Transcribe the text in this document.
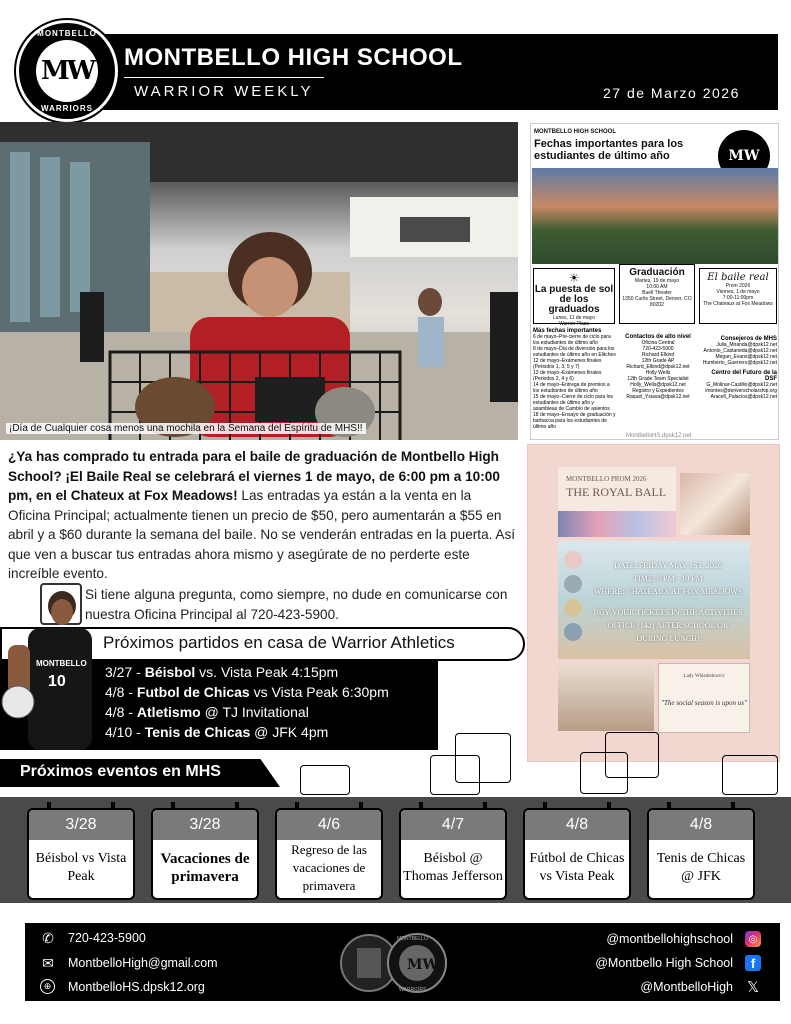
MONTBELLO
MW
WARRIORS
MONTBELLO HIGH SCHOOL
WARRIOR WEEKLY	27 de Marzo 2026
¡Día de Cualquier cosa menos una mochila en la Semana del Espíritu de MHS!!
MONTBELLO HIGH SCHOOL
Fechas importantes para los estudiantes de último año	MW
☀
La puesta de sol de los graduados
Lunes, 11 de mayo
Warrior Plaza
Graduación
Martes, 19 de mayo
10:00 AM
Buell Theater
1350 Curtis Street, Denver, CO 80202
El baile real
Prom 2026
Viernes, 1 de mayo
7:00-11:00pm
The Chateaux at Fox Meadows
Más fechas importantes
6 de mayo–Pre-cierre de ciclo para los estudiantes de último año
8 de mayo–Día de diversión para los estudiantes de último año en Elitches
12 de mayo–Exámenes finales (Periodos 1, 3, 5 y 7)
13 de mayo–Exámenes finales (Periodos 2, 4 y 6)
14 de mayo–Entrega de premios a los estudiantes de último año
15 de mayo–Cierre de ciclo para los estudiantes de último año y asambleas de Cambio de asientos
18 de mayo–Ensayo de graduación y barbacoa para los estudiantes de último año
Contactos de alto nivel
Oficina Central
720-423-5900
Richard Elkind
12th Grade AP
Richard_Elkind@dpsk12.net
Holly Wells
12th Grade Team Specialist
Holly_Wells@dpsk12.net
Registro y Expedientes
Raquel_Ysiava@dpsk12.net
Consejeros de MHS
Julia_Miranda@dpsk12.net
Antonio_Castaneda@dpsk12.net
Megan_Evans@dpsk12.net
Humberto_Guerrero@dpsk12.net
Centro del Futuro de la DSF
G_Molinar-Castillo@dpsk12.net
imontes@denverscholarship.org
Aracell_Palacios@dpsk12.net
MontbelloHS.dpsk12.net
¿Ya has comprado tu entrada para el baile de graduación de Montbello High School? ¡El Baile Real se celebrará el viernes 1 de mayo, de 6:00 pm a 10:00 pm, en el Chateux at Fox Meadows! Las entradas ya están a la venta en la Oficina Principal; actualmente tienen un precio de $50, pero aumentarán a $55 en abril y a $60 durante la semana del baile. No se venderán entradas en la puerta. Así que ven a buscar tus entradas ahora mismo y asegúrate de no perderte este increíble evento.
Si tiene alguna pregunta, como siempre, no dude en comunicarse con nuestra Oficina Principal al 720-423-5900.
MONTBELLO PROM 2026
THE ROYAL BALL
DATE: FRIDAY MAY 1ST, 2026
TIME: 6 PM - 10 PM
WHERE: CHATEAUX AT FOX MEADOWS
BUY YOUR TICKETS IN THE ACTIVITIES OFFICE (142) AFTER SCHOOL OR DURING LUNCH!
Lady Whistledown's
"The social season is upon us"
Próximos partidos en casa de Warrior Athletics
MONTBELLO
10
3/27 - Béisbol vs. Vista Peak 4:15pm
4/8 - Futbol de Chicas vs Vista Peak 6:30pm
4/8 - Atletismo @ TJ Invitational
4/10 - Tenis de Chicas @ JFK 4pm
Próximos eventos en MHS
3/28
Béisbol vs Vista Peak
3/28
Vacaciones de primavera
4/6
Regreso de las vacaciones de primavera
4/7
Béisbol @ Thomas Jefferson
4/8
Fútbol de Chicas vs Vista Peak
4/8
Tenis de Chicas @ JFK
✆ 720-423-5900
✉ MontbelloHigh@gmail.com
⊕ MontbelloHS.dpsk12.org
MW
MONTBELLO
WARRIORS
@montbellohighschool	◎
@Montbello High School	f
@MontbelloHigh 𝕏
